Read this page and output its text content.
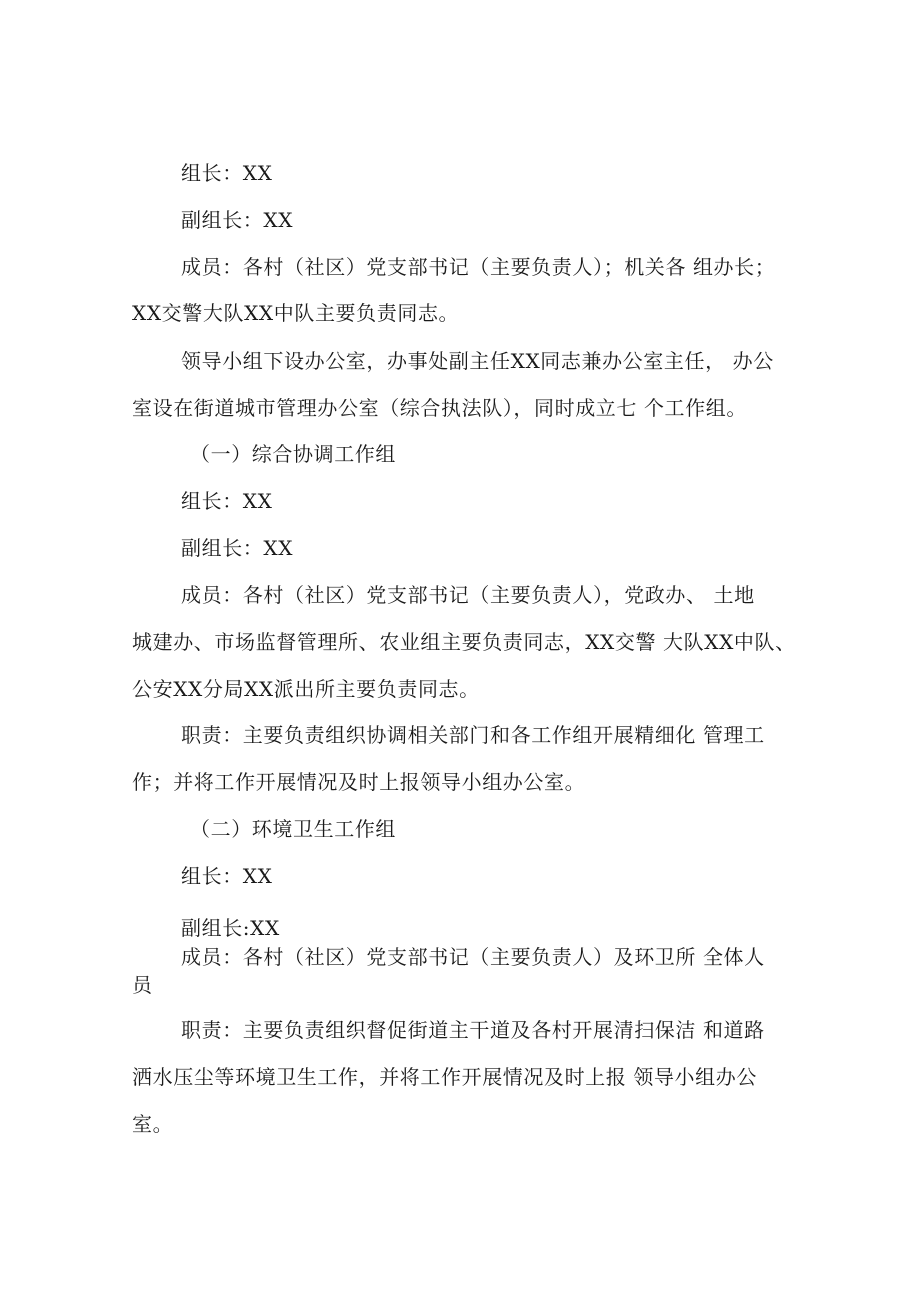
组长：XX
副组长：XX
成员：各村（社区）党支部书记（主要负责人）；机关各 组办长；
XX交警大队XX中队主要负责同志。
领导小组下设办公室，办事处副主任XX同志兼办公室主任， 办公
室设在街道城市管理办公室（综合执法队），同时成立七 个工作组。
（一）综合协调工作组
组长：XX
副组长：XX
成员：各村（社区）党支部书记（主要负责人），党政办、 土地
城建办、市场监督管理所、农业组主要负责同志，XX交警 大队XX中队、
公安XX分局XX派出所主要负责同志。
职责：主要负责组织协调相关部门和各工作组开展精细化 管理工
作；并将工作开展情况及时上报领导小组办公室。
（二）环境卫生工作组
组长：XX
副组长:XX
成员：各村（社区）党支部书记（主要负责人）及环卫所 全体人
员
职责：主要负责组织督促街道主干道及各村开展清扫保洁 和道路
洒水压尘等环境卫生工作，并将工作开展情况及时上报 领导小组办公
室。
